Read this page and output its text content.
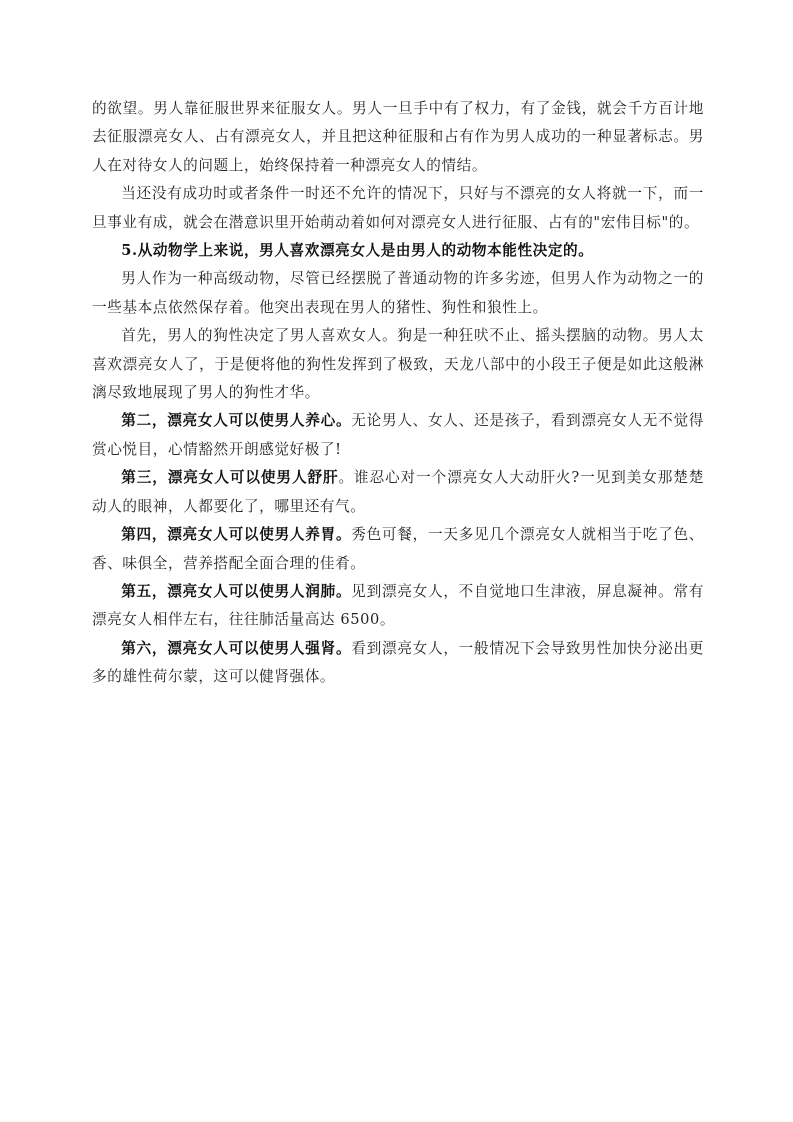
的欲望。男人靠征服世界来征服女人。男人一旦手中有了权力，有了金钱，就会千方百计地去征服漂亮女人、占有漂亮女人，并且把这种征服和占有作为男人成功的一种显著标志。男人在对待女人的问题上，始终保持着一种漂亮女人的情结。

当还没有成功时或者条件一时还不允许的情况下，只好与不漂亮的女人将就一下，而一旦事业有成，就会在潜意识里开始萌动着如何对漂亮女人进行征服、占有的"宏伟目标"的。

5.从动物学上来说，男人喜欢漂亮女人是由男人的动物本能性决定的。

男人作为一种高级动物，尽管已经摆脱了普通动物的许多劣迹，但男人作为动物之一的一些基本点依然保存着。他突出表现在男人的猪性、狗性和狼性上。

首先，男人的狗性决定了男人喜欢女人。狗是一种狂吠不止、摇头摆脑的动物。男人太喜欢漂亮女人了，于是便将他的狗性发挥到了极致，天龙八部中的小段王子便是如此这般淋漓尽致地展现了男人的狗性才华。

第二，漂亮女人可以使男人养心。无论男人、女人、还是孩子，看到漂亮女人无不觉得赏心悦目，心情豁然开朗感觉好极了!

第三，漂亮女人可以使男人舒肝。谁忍心对一个漂亮女人大动肝火?一见到美女那楚楚动人的眼神，人都要化了，哪里还有气。

第四，漂亮女人可以使男人养胃。秀色可餐，一天多见几个漂亮女人就相当于吃了色、香、味俱全，营养搭配全面合理的佳肴。

第五，漂亮女人可以使男人润肺。见到漂亮女人，不自觉地口生津液，屏息凝神。常有漂亮女人相伴左右，往往肺活量高达 6500。

第六，漂亮女人可以使男人强肾。看到漂亮女人，一般情况下会导致男性加快分泌出更多的雄性荷尔蒙，这可以健肾强体。
